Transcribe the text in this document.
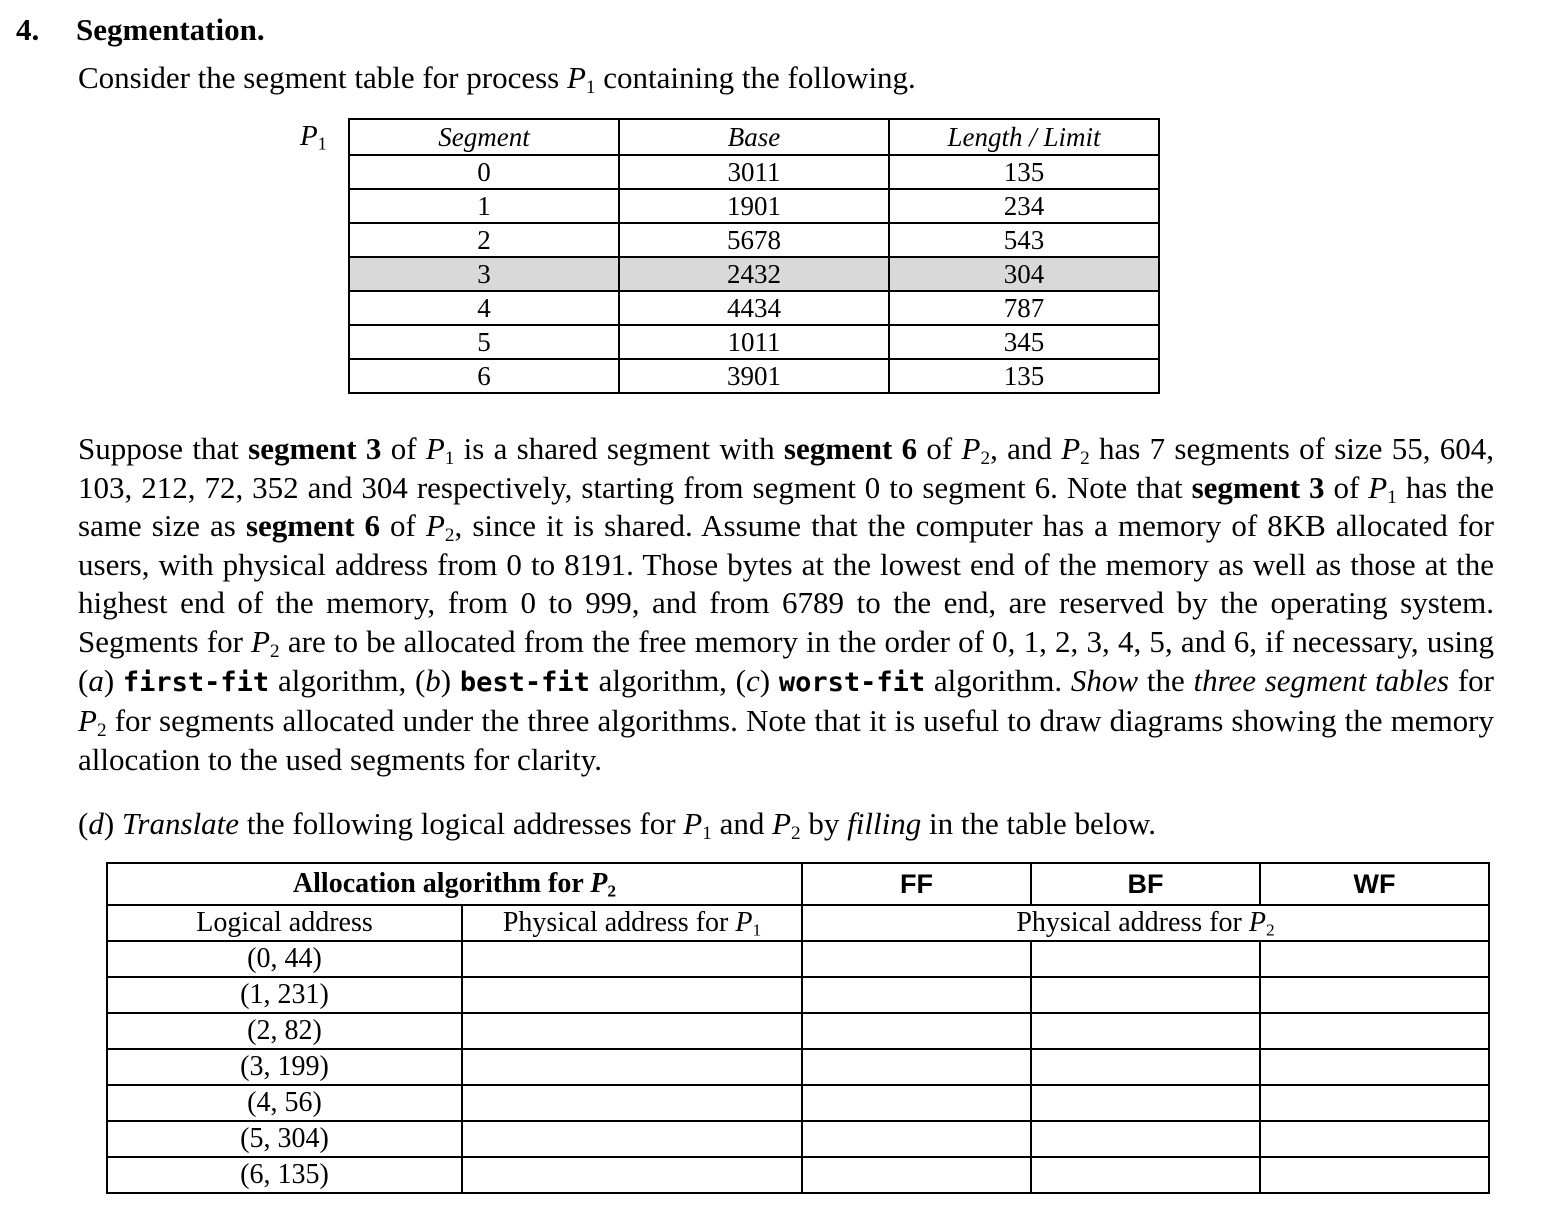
4. Segmentation.
Consider the segment table for process $P_1$ containing the following.
$P_1$	Segment	Base	Length / Limit
0	3011	135
1	1901	234
2	5678	543
3	2432	304
4	4434	787
5	1011	345
6	3901	135
Suppose that segment 3 of $P_1$ is a shared segment with segment 6 of $P_2$, and $P_2$ has 7 segments of size 55, 604, 103, 212, 72, 352 and 304 respectively, starting from segment 0 to segment 6. Note that segment 3 of $P_1$ has the same size as segment 6 of $P_2$, since it is shared. Assume that the computer has a memory of 8KB allocated for users, with physical address from 0 to 8191. Those bytes at the lowest end of the memory as well as those at the highest end of the memory, from 0 to 999, and from 6789 to the end, are reserved by the operating system. Segments for $P_2$ are to be allocated from the free memory in the order of 0, 1, 2, 3, 4, 5, and 6, if necessary, using (a) first-fit algorithm, (b) best-fit algorithm, (c) worst-fit algorithm. Show the three segment tables for $P_2$ for segments allocated under the three algorithms. Note that it is useful to draw diagrams showing the memory allocation to the used segments for clarity.
(d) Translate the following logical addresses for $P_1$ and $P_2$ by filling in the table below.
Allocation algorithm for $P_2$		FF	BF	WF
Logical address	Physical address for $P_1$	Physical address for $P_2$
(0, 44)				
(1, 231)				
(2, 82)				
(3, 199)				
(4, 56)				
(5, 304)				
(6, 135)				
